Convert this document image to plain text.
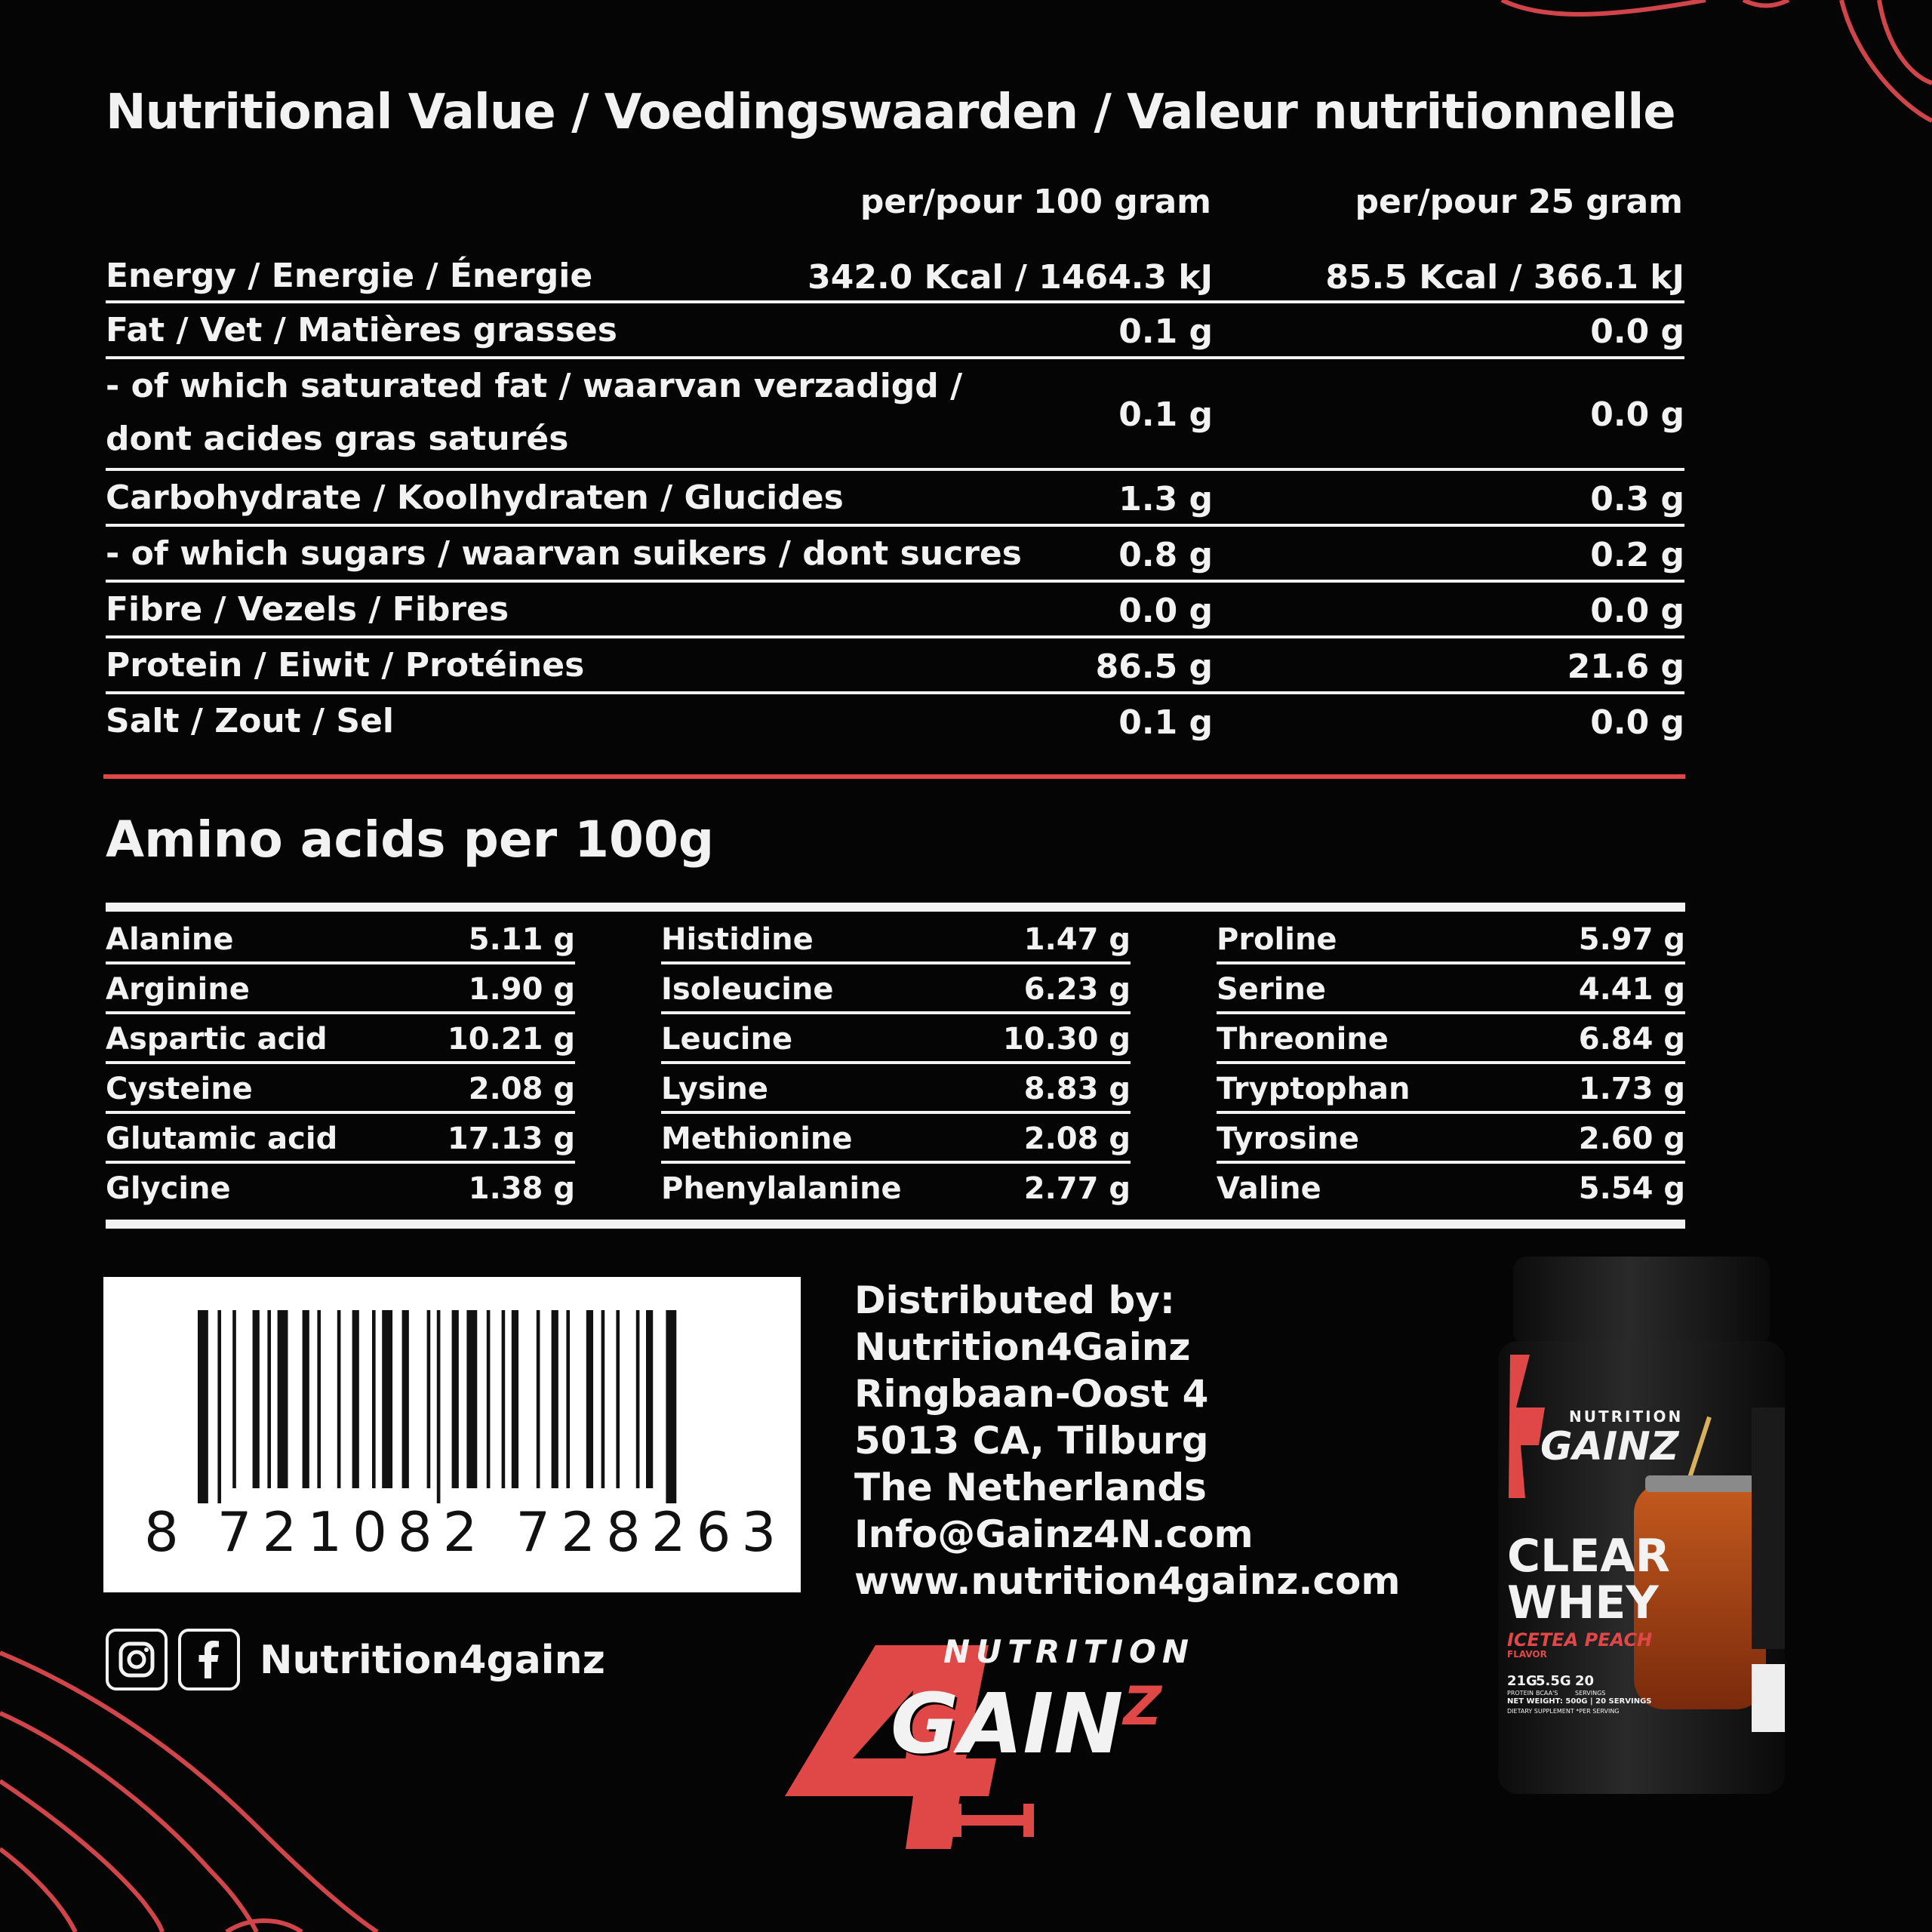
Nutritional Value / Voedingswaarden / Valeur nutritionnelle
per/pour 100 gram	per/pour 25 gram
Energy / Energie / Énergie	342.0 Kcal / 1464.3 kJ	85.5 Kcal / 366.1 kJ
Fat / Vet / Matières grasses	0.1 g	0.0 g
- of which saturated fat / waarvan verzadigd /
dont acides gras saturés
0.1 g	0.0 g
Carbohydrate / Koolhydraten / Glucides	1.3 g	0.3 g
- of which sugars / waarvan suikers / dont sucres	0.8 g	0.2 g
Fibre / Vezels / Fibres	0.0 g	0.0 g
Protein / Eiwit / Protéines	86.5 g	21.6 g
Salt / Zout / Sel	0.1 g	0.0 g
Amino acids per 100g
Alanine	5.11 g
Arginine	1.90 g
Aspartic acid	10.21 g
Cysteine	2.08 g
Glutamic acid	17.13 g
Glycine	1.38 g
Histidine	1.47 g
Isoleucine	6.23 g
Leucine	10.30 g
Lysine	8.83 g
Methionine	2.08 g
Phenylalanine	2.77 g
Proline	5.97 g
Serine	4.41 g
Threonine	6.84 g
Tryptophan	1.73 g
Tyrosine	2.60 g
Valine	5.54 g
8 721082 728263
Nutrition4gainz
Distributed by:
Nutrition4Gainz
Ringbaan-Oost 4
5013 CA, Tilburg
The Netherlands
Info@Gainz4N.com
www.nutrition4gainz.com
NUTRITION
$GAIN^Z$
NUTRITION
GAINZ
CLEAR
WHEY
ICETEA PEACH
FLAVOR
21G
PROTEIN
5.5G
BCAA'S
20
SERVINGS
NET WEIGHT: 500G | 20 SERVINGS
DIETARY SUPPLEMENT *PER SERVING
